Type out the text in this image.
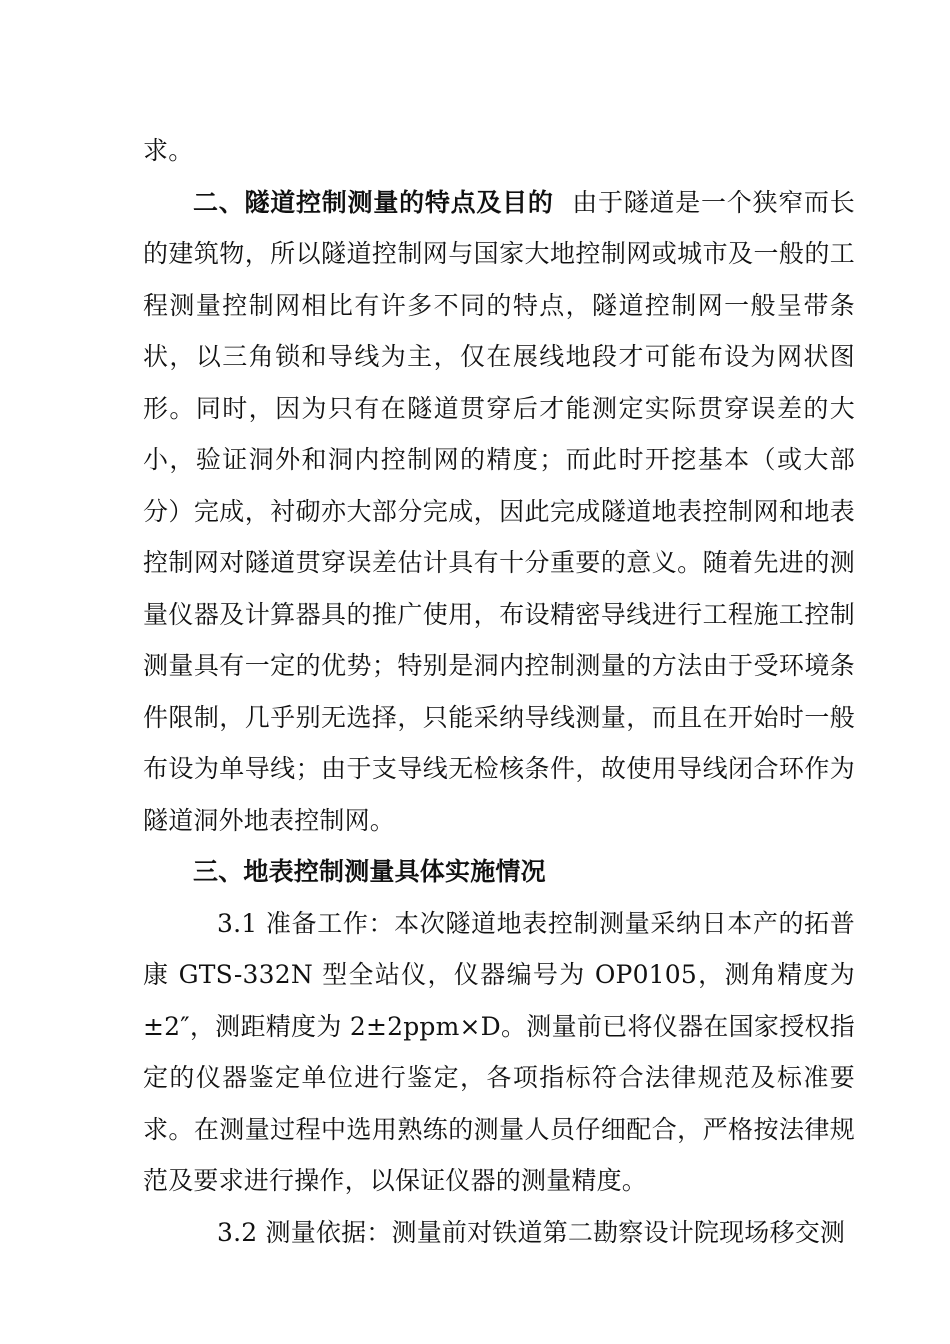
求。

二、隧道控制测量的特点及目的 由于隧道是一个狭窄而长的建筑物，所以隧道控制网与国家大地控制网或城市及一般的工程测量控制网相比有许多不同的特点，隧道控制网一般呈带条状，以三角锁和导线为主，仅在展线地段才可能布设为网状图形。同时，因为只有在隧道贯穿后才能测定实际贯穿误差的大小，验证洞外和洞内控制网的精度；而此时开挖基本（或大部分）完成，衬砌亦大部分完成，因此完成隧道地表控制网和地表控制网对隧道贯穿误差估计具有十分重要的意义。随着先进的测量仪器及计算器具的推广使用，布设精密导线进行工程施工控制测量具有一定的优势；特别是洞内控制测量的方法由于受环境条件限制，几乎别无选择，只能采纳导线测量，而且在开始时一般布设为单导线；由于支导线无检核条件，故使用导线闭合环作为隧道洞外地表控制网。

三、地表控制测量具体实施情况

3.1 准备工作：本次隧道地表控制测量采纳日本产的拓普康 GTS-332N 型全站仪，仪器编号为 OP0105，测角精度为±2″，测距精度为 2±2ppm×D。测量前已将仪器在国家授权指定的仪器鉴定单位进行鉴定，各项指标符合法律规范及标准要求。在测量过程中选用熟练的测量人员仔细配合，严格按法律规范及要求进行操作，以保证仪器的测量精度。

3.2 测量依据：测量前对铁道第二勘察设计院现场移交测
